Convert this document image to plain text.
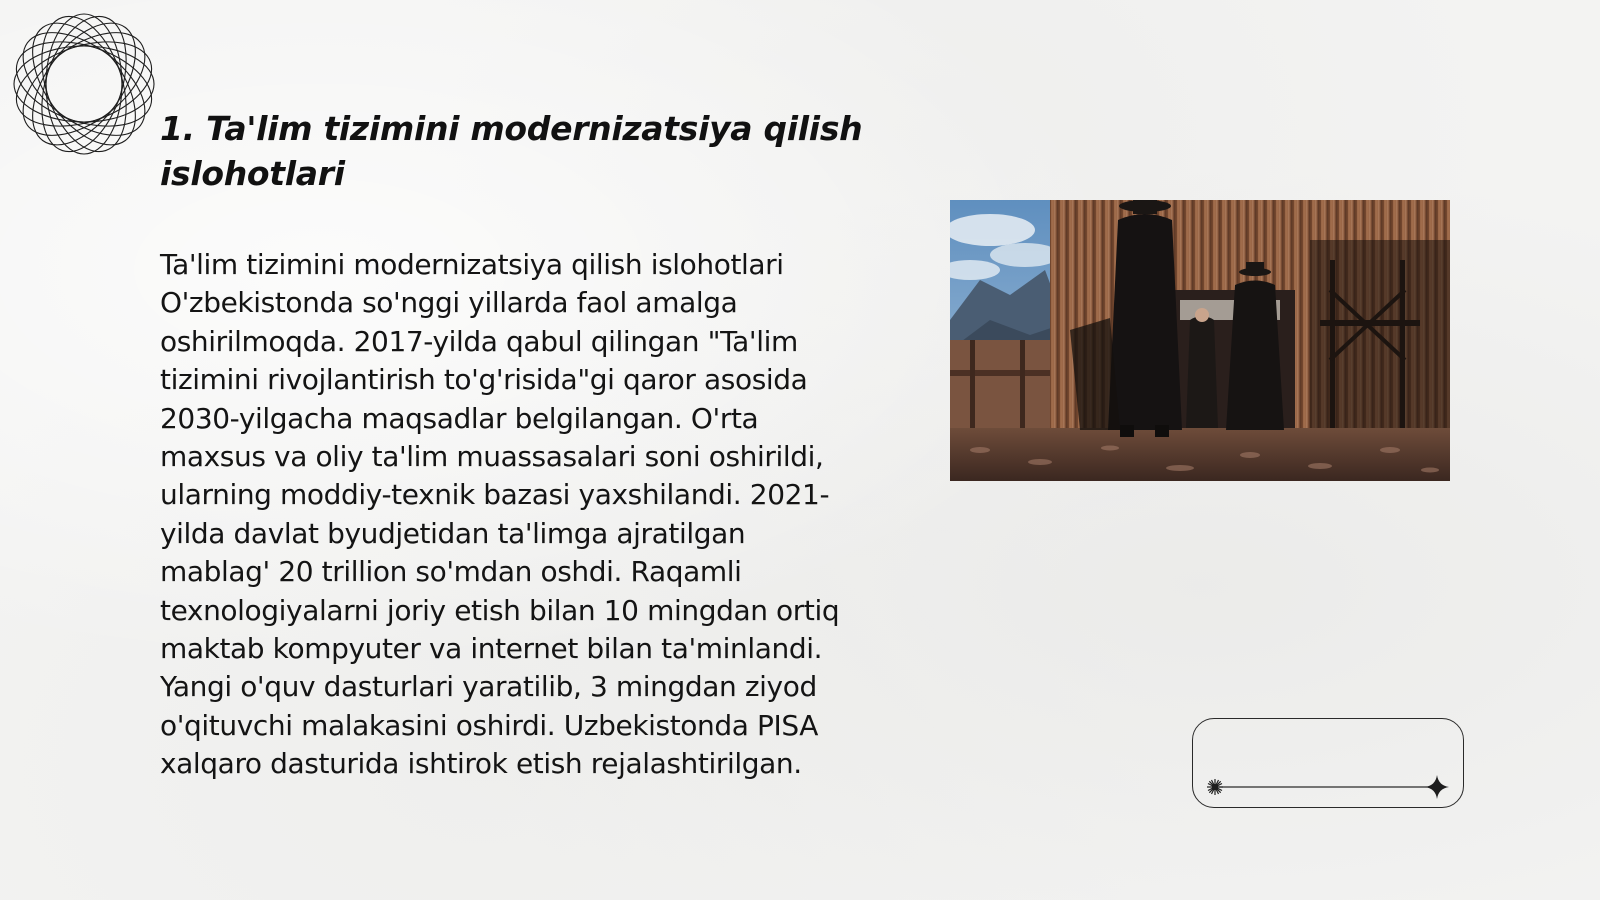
1. Ta'lim tizimini modernizatsiya qilish islohotlari

Ta'lim tizimini modernizatsiya qilish islohotlari O'zbekistonda so'nggi yillarda faol amalga oshirilmoqda. 2017-yilda qabul qilingan "Ta'lim tizimini rivojlantirish to'g'risida"gi qaror asosida 2030-yilgacha maqsadlar belgilangan. O'rta maxsus va oliy ta'lim muassasalari soni oshirildi, ularning moddiy-texnik bazasi yaxshilandi. 2021-yilda davlat byudjetidan ta'limga ajratilgan mablag' 20 trillion so'mdan oshdi. Raqamli texnologiyalarni joriy etish bilan 10 mingdan ortiq maktab kompyuter va internet bilan ta'minlandi. Yangi o'quv dasturlari yaratilib, 3 mingdan ziyod o'qituvchi malakasini oshirdi. Uzbekistonda PISA xalqaro dasturida ishtirok etish rejalashtirilgan.
